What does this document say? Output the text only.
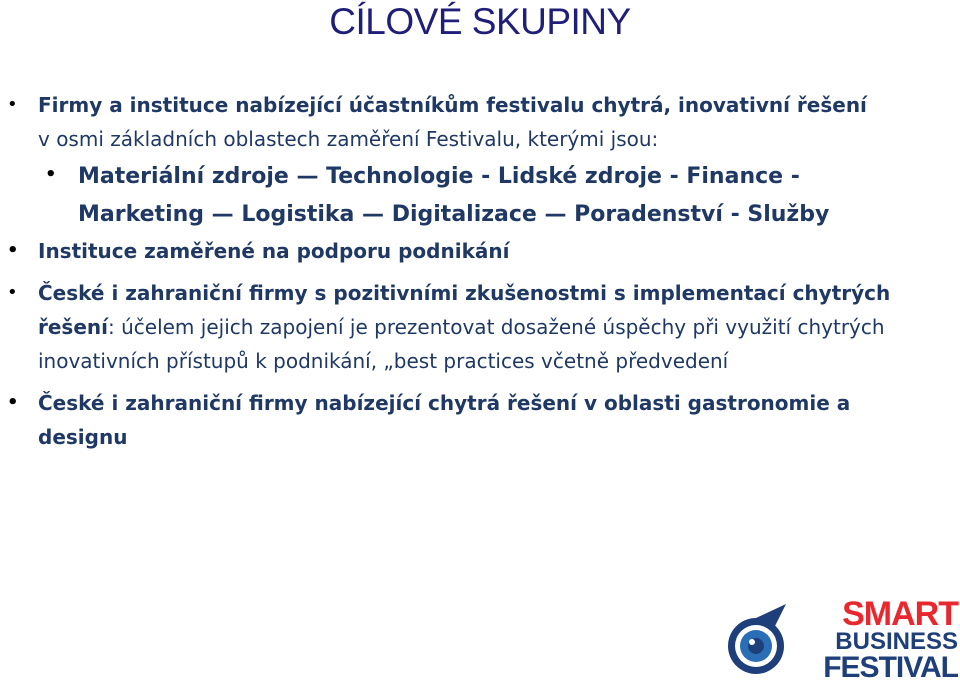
CÍLOVÉ SKUPINY
• Firmy a instituce nabízející účastníkům festivalu chytrá, inovativní řešení
v osmi základních oblastech zaměření Festivalu, kterými jsou:
• Materiální zdroje — Technologie - Lidské zdroje - Finance -
Marketing — Logistika — Digitalizace — Poradenství - Služby
• Instituce zaměřené na podporu podnikání
• České i zahraniční firmy s pozitivními zkušenostmi s implementací chytrých řešení: účelem jejich zapojení je prezentovat dosažené úspěchy při využití chytrých inovativních přístupů k podnikání, „best practices včetně předvedení
• České i zahraniční firmy nabízející chytrá řešení v oblasti gastronomie a designu
SMART
BUSINESS
FESTIVAL
